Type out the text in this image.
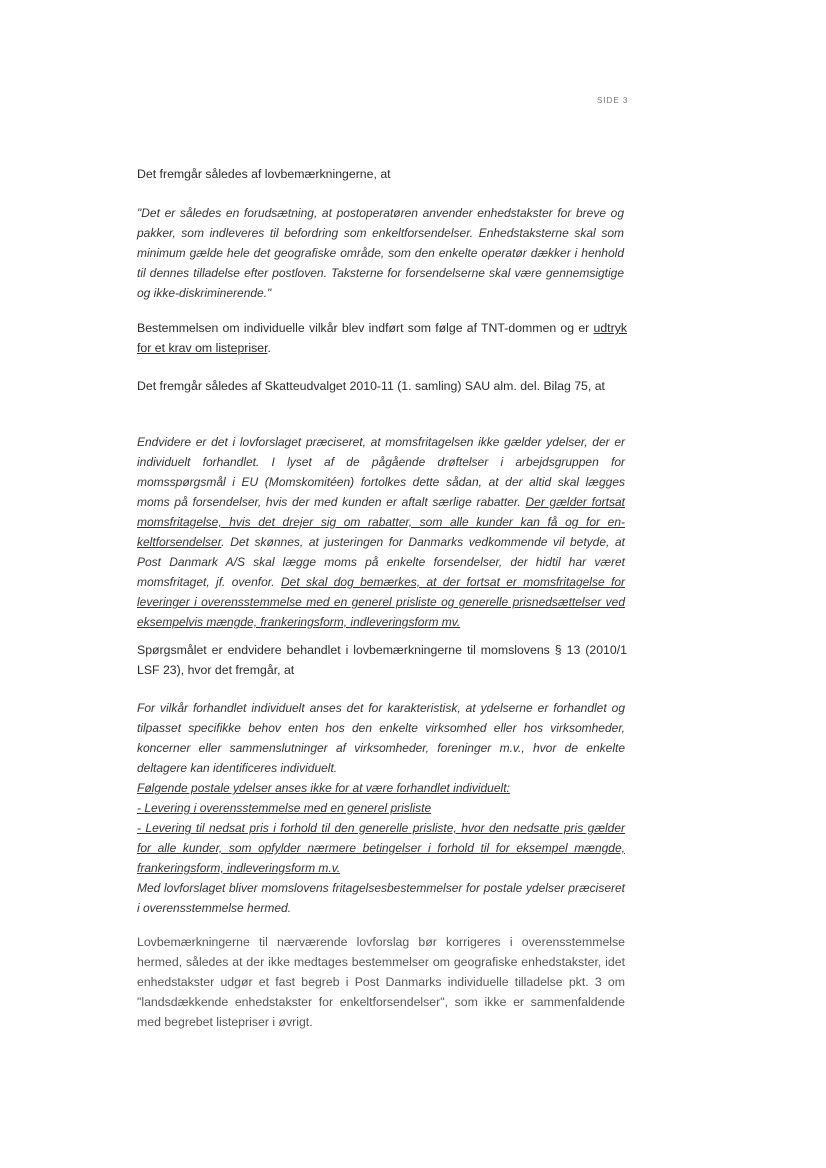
SIDE 3

Det fremgår således af lovbemærkningerne, at

"Det er således en forudsætning, at postoperatøren anvender enhedstakster for breve og pakker, som indleveres til befordring som enkeltforsendelser. Enhedstaksterne skal som minimum gælde hele det geografiske område, som den enkelte operatør dækker i henhold til dennes tilladelse efter postloven. Taksterne for forsendelserne skal være gennemsigtige og ikke-diskriminerende."

Bestemmelsen om individuelle vilkår blev indført som følge af TNT-dommen og er udtryk for et krav om listepriser.

Det fremgår således af Skatteudvalget 2010-11 (1. samling) SAU alm. del. Bilag 75, at

Endvidere er det i lovforslaget præciseret, at momsfritagelsen ikke gælder ydelser, der er individuelt forhandlet. I lyset af de pågående drøftelser i arbejdsgruppen for momsspørgsmål i EU (Momskomitéen) fortolkes dette sådan, at der altid skal lægges moms på forsendelser, hvis der med kunden er aftalt særlige rabatter. Der gælder fortsat momsfritagelse, hvis det drejer sig om rabatter, som alle kunder kan få og for en-keltforsendelser. Det skønnes, at justeringen for Danmarks vedkommende vil betyde, at Post Danmark A/S skal lægge moms på enkelte forsendelser, der hidtil har været momsfritaget, jf. ovenfor. Det skal dog bemærkes, at der fortsat er momsfritagelse for leveringer i overensstemmelse med en generel prisliste og generelle prisnedsættelser ved eksempelvis mængde, frankeringsform, indleveringsform mv.

Spørgsmålet er endvidere behandlet i lovbemærkningerne til momslovens § 13 (2010/1 LSF 23), hvor det fremgår, at

For vilkår forhandlet individuelt anses det for karakteristisk, at ydelserne er forhandlet og tilpasset specifikke behov enten hos den enkelte virksomhed eller hos virksomheder, koncerner eller sammenslutninger af virksomheder, foreninger m.v., hvor de enkelte deltagere kan identificeres individuelt.
Følgende postale ydelser anses ikke for at være forhandlet individuelt:
- Levering i overensstemmelse med en generel prisliste
- Levering til nedsat pris i forhold til den generelle prisliste, hvor den nedsatte pris gælder for alle kunder, som opfylder nærmere betingelser i forhold til for eksempel mængde, frankeringsform, indleveringsform m.v.
Med lovforslaget bliver momslovens fritagelsesbestemmelser for postale ydelser præciseret i overensstemmelse hermed.

Lovbemærkningerne til nærværende lovforslag bør korrigeres i overensstemmelse hermed, således at der ikke medtages bestemmelser om geografiske enhedstakster, idet enhedstakster udgør et fast begreb i Post Danmarks individuelle tilladelse pkt. 3 om "landsdækkende enhedstakster for enkeltforsendelser", som ikke er sammenfaldende med begrebet listepriser i øvrigt.
